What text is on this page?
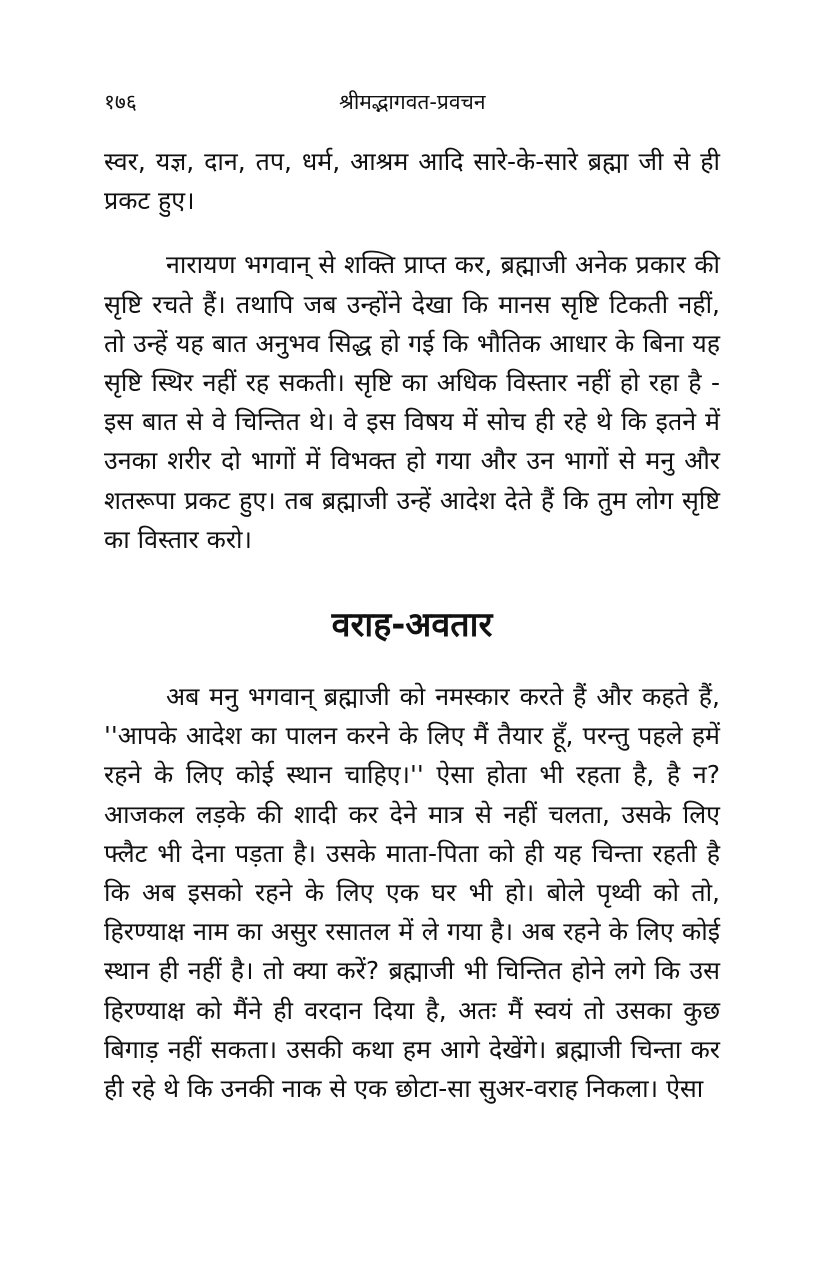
१७६	श्रीमद्भागवत-प्रवचन

स्वर, यज्ञ, दान, तप, धर्म, आश्रम आदि सारे-के-सारे ब्रह्मा जी से ही प्रकट हुए।

नारायण भगवान् से शक्ति प्राप्त कर, ब्रह्माजी अनेक प्रकार की सृष्टि रचते हैं। तथापि जब उन्होंने देखा कि मानस सृष्टि टिकती नहीं, तो उन्हें यह बात अनुभव सिद्ध हो गई कि भौतिक आधार के बिना यह सृष्टि स्थिर नहीं रह सकती। सृष्टि का अधिक विस्तार नहीं हो रहा है - इस बात से वे चिन्तित थे। वे इस विषय में सोच ही रहे थे कि इतने में उनका शरीर दो भागों में विभक्त हो गया और उन भागों से मनु और शतरूपा प्रकट हुए। तब ब्रह्माजी उन्हें आदेश देते हैं कि तुम लोग सृष्टि का विस्तार करो।

वराह-अवतार

अब मनु भगवान् ब्रह्माजी को नमस्कार करते हैं और कहते हैं, ''आपके आदेश का पालन करने के लिए मैं तैयार हूँ, परन्तु पहले हमें रहने के लिए कोई स्थान चाहिए।'' ऐसा होता भी रहता है, है न? आजकल लड़के की शादी कर देने मात्र से नहीं चलता, उसके लिए फ्लैट भी देना पड़ता है। उसके माता-पिता को ही यह चिन्ता रहती है कि अब इसको रहने के लिए एक घर भी हो। बोले पृथ्वी को तो, हिरण्याक्ष नाम का असुर रसातल में ले गया है। अब रहने के लिए कोई स्थान ही नहीं है। तो क्या करें? ब्रह्माजी भी चिन्तित होने लगे कि उस हिरण्याक्ष को मैंने ही वरदान दिया है, अतः मैं स्वयं तो उसका कुछ बिगाड़ नहीं सकता। उसकी कथा हम आगे देखेंगे। ब्रह्माजी चिन्ता कर ही रहे थे कि उनकी नाक से एक छोटा-सा सुअर-वराह निकला। ऐसा
